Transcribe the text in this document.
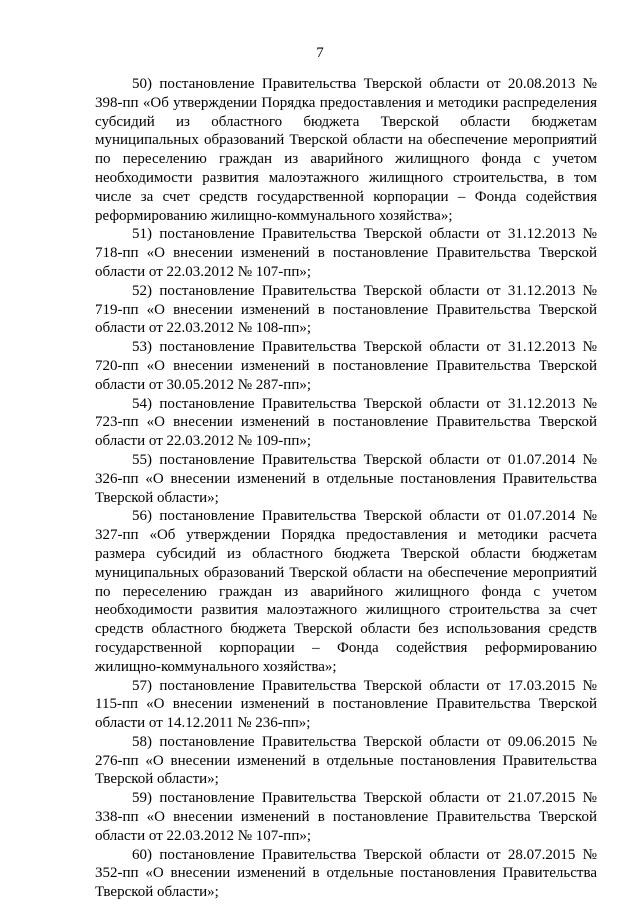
7

50) постановление Правительства Тверской области от 20.08.2013 № 398-пп «Об утверждении Порядка предоставления и методики распределения субсидий из областного бюджета Тверской области бюджетам муниципальных образований Тверской области на обеспечение мероприятий по переселению граждан из аварийного жилищного фонда с учетом необходимости развития малоэтажного жилищного строительства, в том числе за счет средств государственной корпорации – Фонда содействия реформированию жилищно-коммунального хозяйства»;

51) постановление Правительства Тверской области от 31.12.2013 № 718-пп «О внесении изменений в постановление Правительства Тверской области от 22.03.2012 № 107-пп»;

52) постановление Правительства Тверской области от 31.12.2013 № 719-пп «О внесении изменений в постановление Правительства Тверской области от 22.03.2012 № 108-пп»;

53) постановление Правительства Тверской области от 31.12.2013 № 720-пп «О внесении изменений в постановление Правительства Тверской области от 30.05.2012 № 287-пп»;

54) постановление Правительства Тверской области от 31.12.2013 № 723-пп «О внесении изменений в постановление Правительства Тверской области от 22.03.2012 № 109-пп»;

55) постановление Правительства Тверской области от 01.07.2014 № 326-пп «О внесении изменений в отдельные постановления Правительства Тверской области»;

56) постановление Правительства Тверской области от 01.07.2014 № 327-пп «Об утверждении Порядка предоставления и методики расчета размера субсидий из областного бюджета Тверской области бюджетам муниципальных образований Тверской области на обеспечение мероприятий по переселению граждан из аварийного жилищного фонда с учетом необходимости развития малоэтажного жилищного строительства за счет средств областного бюджета Тверской области без использования средств государственной корпорации – Фонда содействия реформированию жилищно-коммунального хозяйства»;

57) постановление Правительства Тверской области от 17.03.2015 № 115-пп «О внесении изменений в постановление Правительства Тверской области от 14.12.2011 № 236-пп»;

58) постановление Правительства Тверской области от 09.06.2015 № 276-пп «О внесении изменений в отдельные постановления Правительства Тверской области»;

59) постановление Правительства Тверской области от 21.07.2015 № 338-пп «О внесении изменений в постановление Правительства Тверской области от 22.03.2012 № 107-пп»;

60) постановление Правительства Тверской области от 28.07.2015 № 352-пп «О внесении изменений в отдельные постановления Правительства Тверской области»;
